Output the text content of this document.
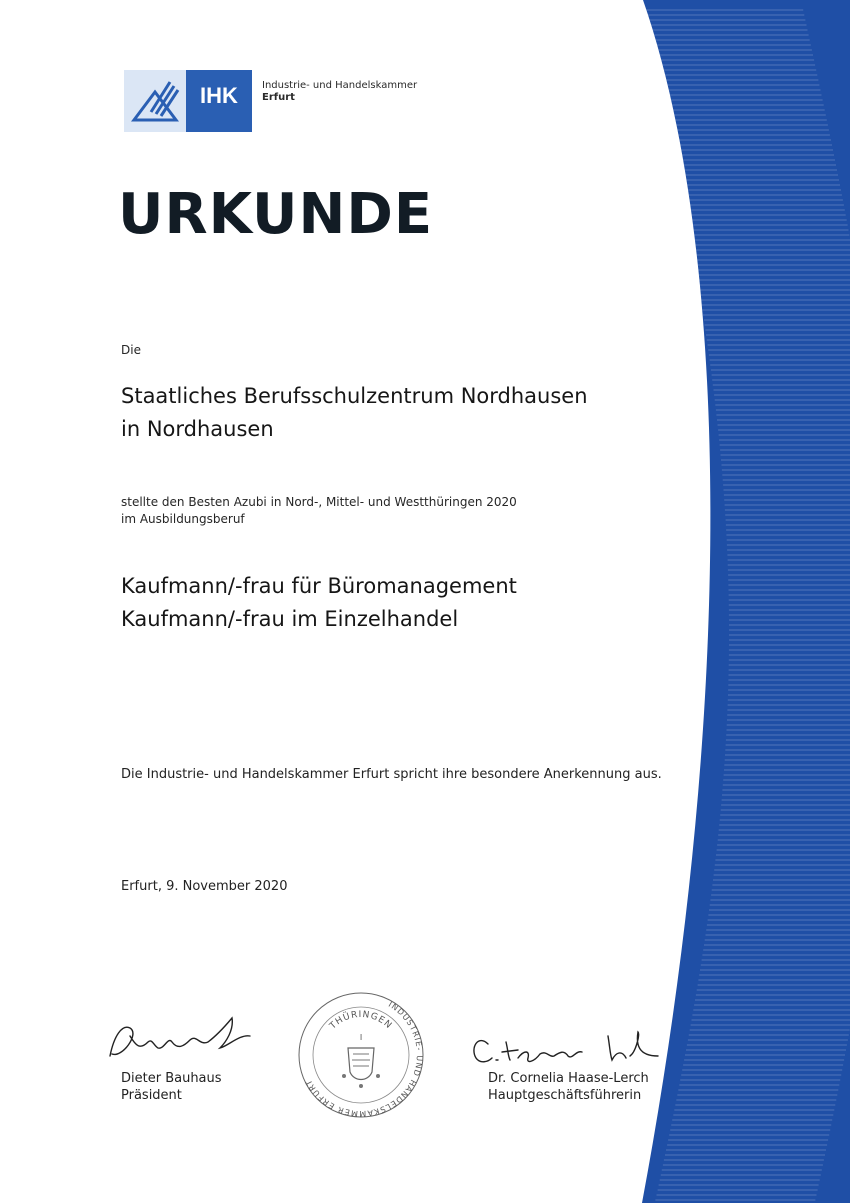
IHK Industrie- und Handelskammer
Erfurt
URKUNDE
Die
Staatliches Berufsschulzentrum Nordhausen
in Nordhausen
stellte den Besten Azubi in Nord-, Mittel- und Westthüringen 2020
im Ausbildungsberuf
Kaufmann/-frau für Büromanagement
Kaufmann/-frau im Einzelhandel
Die Industrie- und Handelskammer Erfurt spricht ihre besondere Anerkennung aus.
Erfurt, 9. November 2020
Dieter Bauhaus
Präsident
INDUSTRIE- UND HANDELSKAMMER ERFURT
THÜRINGEN
I
Dr. Cornelia Haase-Lerch
Hauptgeschäftsführerin
